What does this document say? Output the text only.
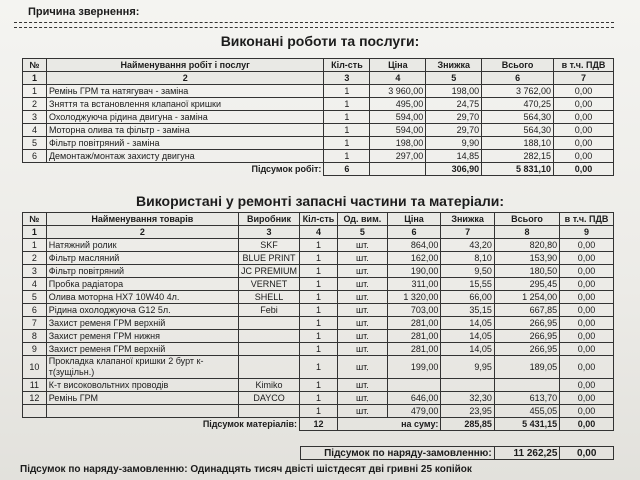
Причина звернення:
Виконані роботи та послуги:
№	Найменування робіт і послуг	Кіл-сть	Ціна	Знижка	Всього	в т.ч. ПДВ
1	2	3	4	5	6	7
1	Ремінь ГРМ та натягувач - заміна	1	3 960,00	198,00	3 762,00	0,00
2	Зняття та встановлення клапаної кришки	1	495,00	24,75	470,25	0,00
3	Охолоджуюча рідина двигуна - заміна	1	594,00	29,70	564,30	0,00
4	Моторна олива та фільтр - заміна	1	594,00	29,70	564,30	0,00
5	Фільтр повітряний - заміна	1	198,00	9,90	188,10	0,00
6	Демонтаж/монтаж захисту двигуна	1	297,00	14,85	282,15	0,00
Підсумок робіт:		6		306,90	5 831,10	0,00
Використані у ремонті запасні частини та матеріали:
№	Найменування товарів	Виробник	Кіл-сть	Од. вим.	Ціна	Знижка	Всього	в т.ч. ПДВ
1	2	3	4	5	6	7	8	9
1	Натяжний ролик	SKF	1	шт.	864,00	43,20	820,80	0,00
2	Фільтр масляний	BLUE PRINT	1	шт.	162,00	8,10	153,90	0,00
3	Фільтр повітряний	JC PREMIUM	1	шт.	190,00	9,50	180,50	0,00
4	Пробка радіатора	VERNET	1	шт.	311,00	15,55	295,45	0,00
5	Олива моторна HX7 10W40 4л.	SHELL	1	шт.	1 320,00	66,00	1 254,00	0,00
6	Рідина охолоджуюча G12 5л.	Febi	1	шт.	703,00	35,15	667,85	0,00
7	Захист ременя ГРМ верхній		1	шт.	281,00	14,05	266,95	0,00
8	Захист ременя ГРМ нижня		1	шт.	281,00	14,05	266,95	0,00
9	Захист ременя ГРМ верхній		1	шт.	281,00	14,05	266,95	0,00
10	Прокладка клапаної кришки 2 бурт к-т(зущільн.)		1	шт.	199,00	9,95	189,05	0,00
11	К-т високовольтних проводів	Kimiko	1	шт.				0,00
12	Ремінь ГРМ	DAYCO	1	шт.	646,00	32,30	613,70	0,00
			1	шт.	479,00	23,95	455,05	0,00
Підсумок матеріалів:			12	на суму:		285,85	5 431,15	0,00
Підсумок по наряду-замовленню:	11 262,25	0,00
Підсумок по наряду-замовленню: Одинадцять тисяч двісті шістдесят дві гривні 25 копійок
